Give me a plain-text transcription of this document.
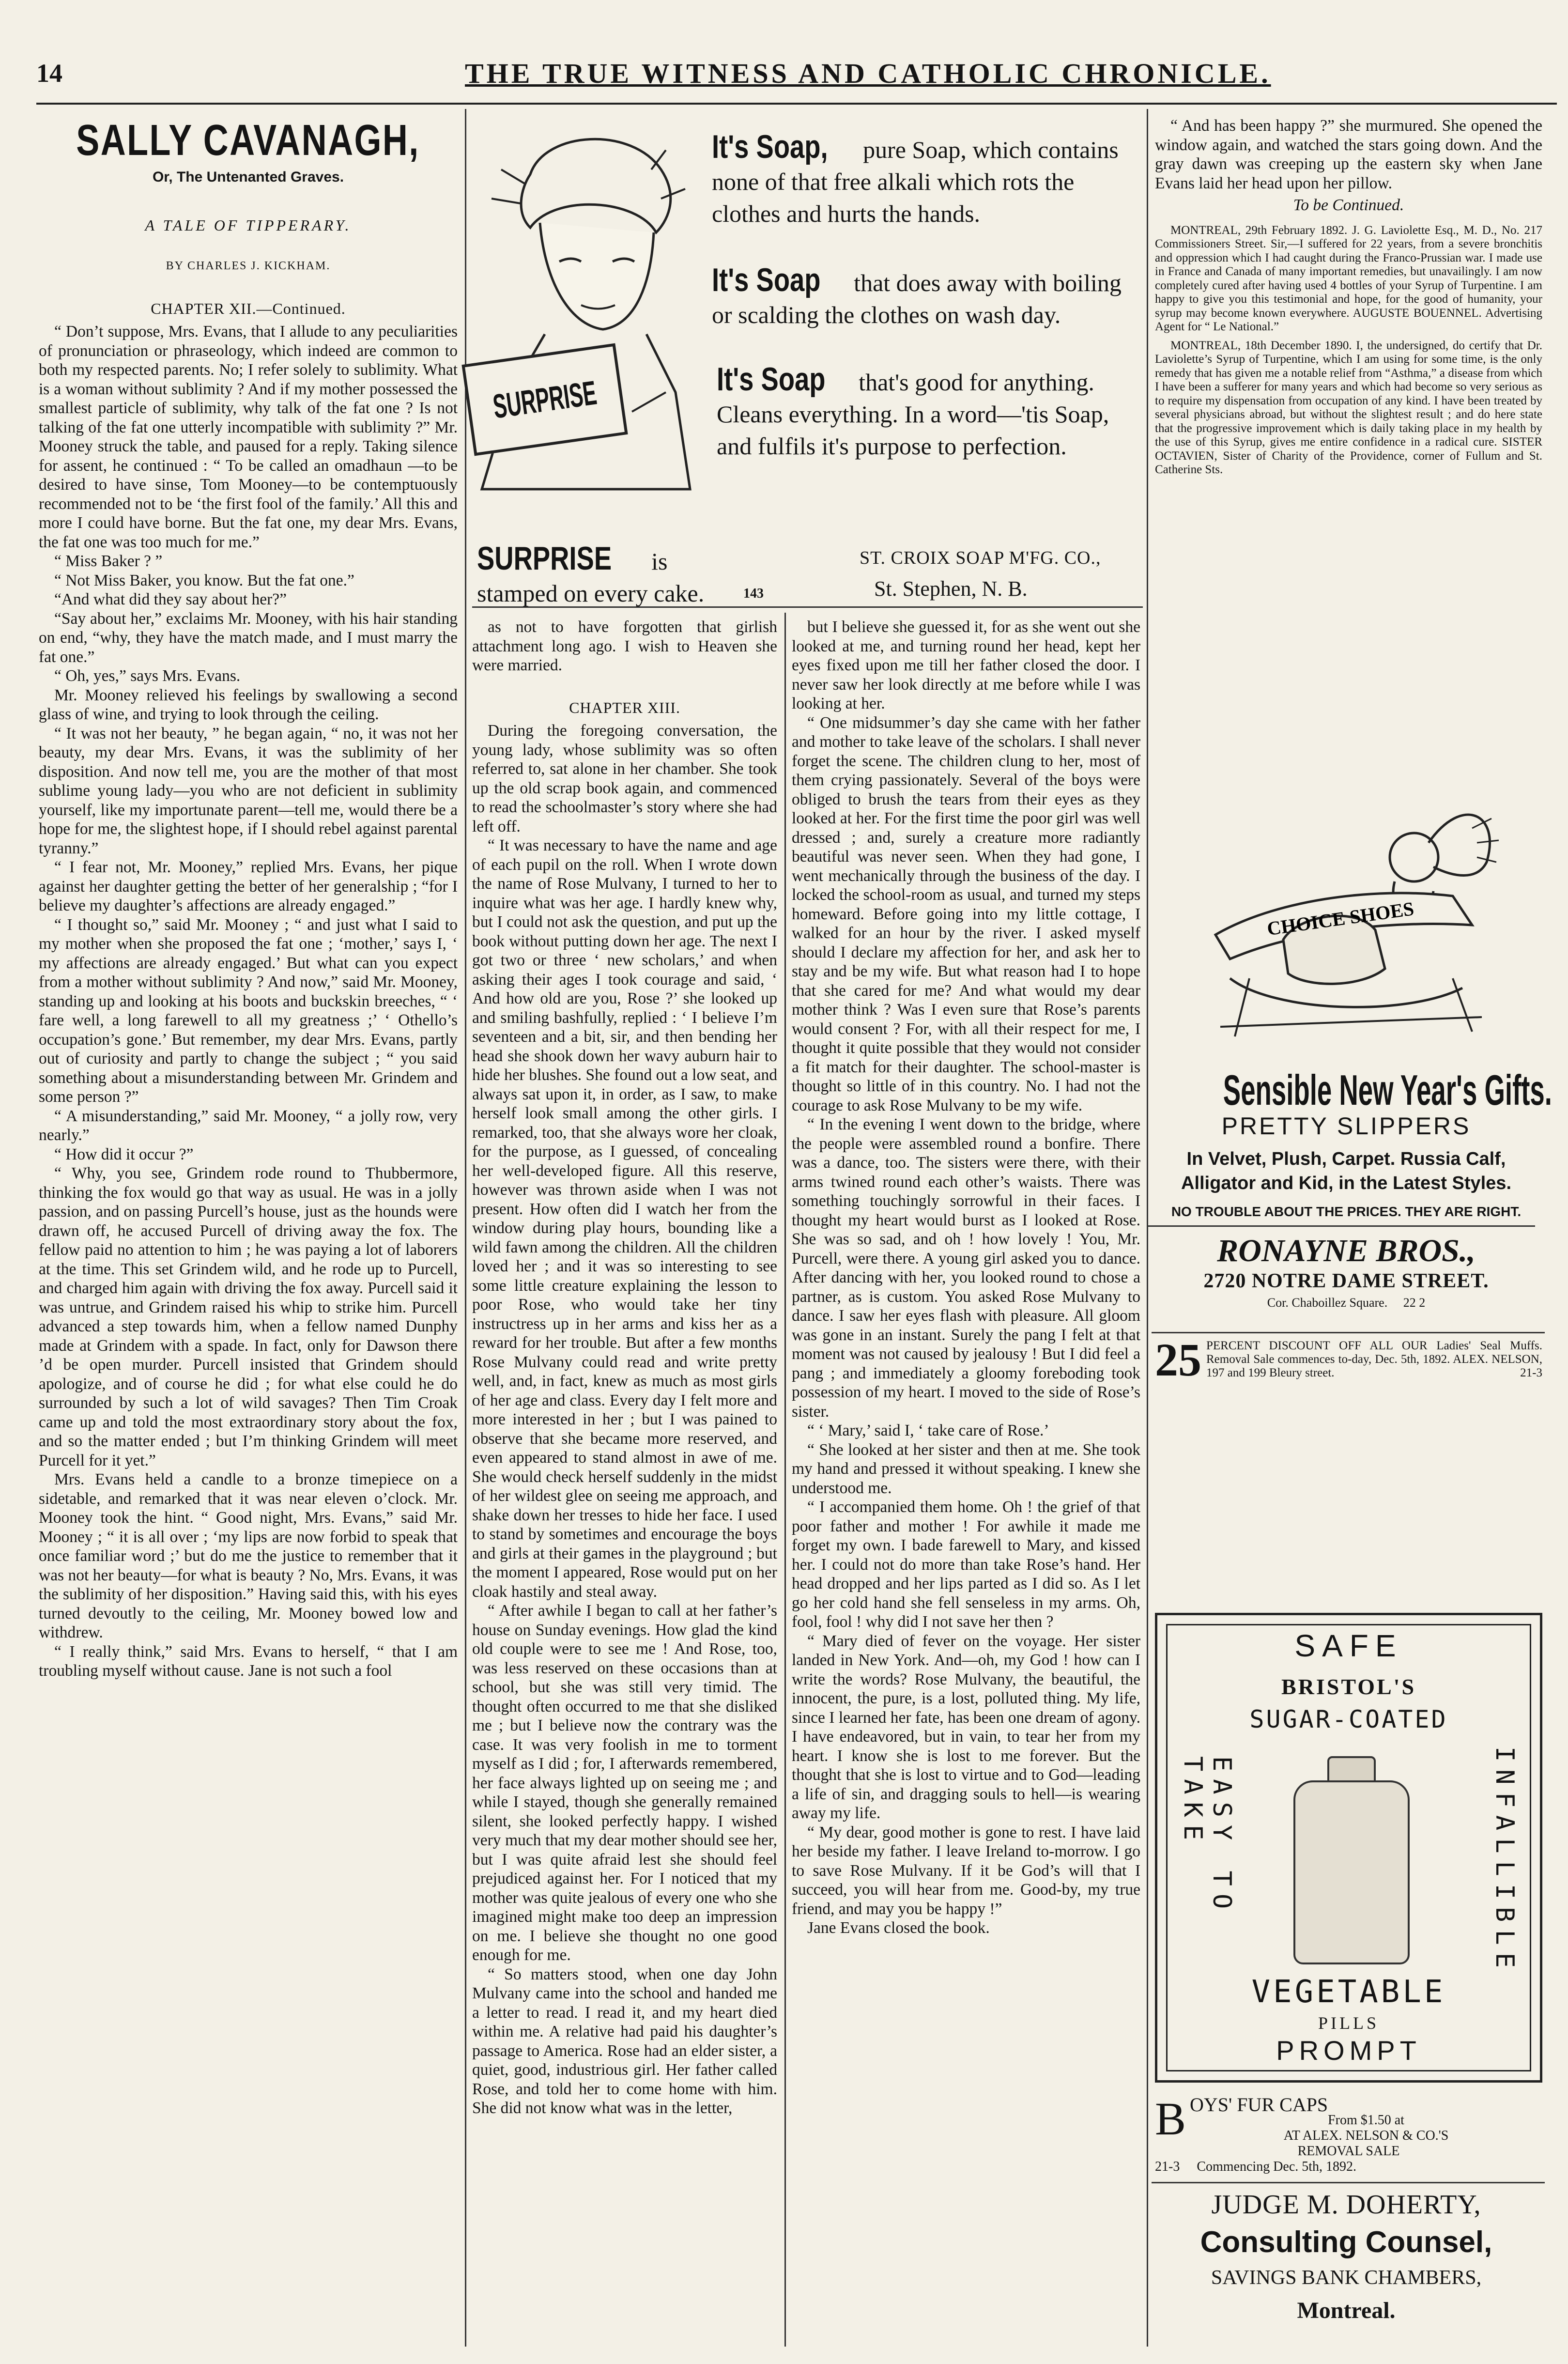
14	THE TRUE WITNESS AND CATHOLIC CHRONICLE.
SALLY CAVANAGH,
Or, The Untenanted Graves.
A TALE OF TIPPERARY.
BY CHARLES J. KICKHAM.
CHAPTER XII.—Continued.

“ Don’t suppose, Mrs. Evans, that I allude to any peculiarities of pronunciation or phraseology, which indeed are common to both my respected parents. No; I refer solely to sublimity. What is a woman without sublimity ? And if my mother possessed the smallest particle of sublimity, why talk of the fat one ? Is not talking of the fat one utterly incompatible with sublimity ?” Mr. Mooney struck the table, and paused for a reply. Taking silence for assent, he continued : “ To be called an omadhaun —to be desired to have sinse, Tom Mooney—to be contemptuously recommended not to be ‘the first fool of the family.’ All this and more I could have borne. But the fat one, my dear Mrs. Evans, the fat one was too much for me.”

“ Miss Baker ? ”

“ Not Miss Baker, you know. But the fat one.”

“And what did they say about her?”

“Say about her,” exclaims Mr. Mooney, with his hair standing on end, “why, they have the match made, and I must marry the fat one.”

“ Oh, yes,” says Mrs. Evans.

Mr. Mooney relieved his feelings by swallowing a second glass of wine, and trying to look through the ceiling.

“ It was not her beauty, ” he began again, “ no, it was not her beauty, my dear Mrs. Evans, it was the sublimity of her disposition. And now tell me, you are the mother of that most sublime young lady—you who are not deficient in sublimity yourself, like my importunate parent—tell me, would there be a hope for me, the slightest hope, if I should rebel against parental tyranny.”

“ I fear not, Mr. Mooney,” replied Mrs. Evans, her pique against her daughter getting the better of her generalship ; “for I believe my daughter’s affections are already engaged.”

“ I thought so,” said Mr. Mooney ; “ and just what I said to my mother when she proposed the fat one ; ‘mother,’ says I, ‘ my affections are already engaged.’ But what can you expect from a mother without sublimity ? And now,” said Mr. Mooney, standing up and looking at his boots and buckskin breeches, “ ‘ fare well, a long farewell to all my greatness ;’ ‘ Othello’s occupation’s gone.’ But remember, my dear Mrs. Evans, partly out of curiosity and partly to change the subject ; “ you said something about a misunderstanding between Mr. Grindem and some person ?”

“ A misunderstanding,” said Mr. Mooney, “ a jolly row, very nearly.”

“ How did it occur ?”

“ Why, you see, Grindem rode round to Thubbermore, thinking the fox would go that way as usual. He was in a jolly passion, and on passing Purcell’s house, just as the hounds were drawn off, he accused Purcell of driving away the fox. The fellow paid no attention to him ; he was paying a lot of laborers at the time. This set Grindem wild, and he rode up to Purcell, and charged him again with driving the fox away. Purcell said it was untrue, and Grindem raised his whip to strike him. Purcell advanced a step towards him, when a fellow named Dunphy made at Grindem with a spade. In fact, only for Dawson there ’d be open murder. Purcell insisted that Grindem should apologize, and of course he did ; for what else could he do surrounded by such a lot of wild savages? Then Tim Croak came up and told the most extraordinary story about the fox, and so the matter ended ; but I’m thinking Grindem will meet Purcell for it yet.”

Mrs. Evans held a candle to a bronze timepiece on a sidetable, and remarked that it was near eleven o’clock. Mr. Mooney took the hint. “ Good night, Mrs. Evans,” said Mr. Mooney ; “ it is all over ; ‘my lips are now forbid to speak that once familiar word ;’ but do me the justice to remember that it was not her beauty—for what is beauty ? No, Mrs. Evans, it was the sublimity of her disposition.” Having said this, with his eyes turned devoutly to the ceiling, Mr. Mooney bowed low and withdrew.

“ I really think,” said Mrs. Evans to herself, “ that I am troubling myself without cause. Jane is not such a fool

SURPRISE
It's Soap, pure Soap, which contains none of that free alkali which rots the clothes and hurts the hands.
It's Soap that does away with boiling or scalding the clothes on wash day.
It's Soap that's good for anything. Cleans everything. In a word—'tis Soap, and fulfils it's purpose to perfection.
SURPRISE is stamped on every cake.	143
ST. CROIX SOAP M'FG. CO.,
St. Stephen, N. B.

as not to have forgotten that girlish attachment long ago. I wish to Heaven she were married.

CHAPTER XIII.

During the foregoing conversation, the young lady, whose sublimity was so often referred to, sat alone in her chamber. She took up the old scrap book again, and commenced to read the schoolmaster’s story where she had left off.

“ It was necessary to have the name and age of each pupil on the roll. When I wrote down the name of Rose Mulvany, I turned to her to inquire what was her age. I hardly knew why, but I could not ask the question, and put up the book without putting down her age. The next I got two or three ‘ new scholars,’ and when asking their ages I took courage and said, ‘ And how old are you, Rose ?’ she looked up and smiling bashfully, replied : ‘ I believe I’m seventeen and a bit, sir, and then bending her head she shook down her wavy auburn hair to hide her blushes. She found out a low seat, and always sat upon it, in order, as I saw, to make herself look small among the other girls. I remarked, too, that she always wore her cloak, for the purpose, as I guessed, of concealing her well-developed figure. All this reserve, however was thrown aside when I was not present. How often did I watch her from the window during play hours, bounding like a wild fawn among the children. All the children loved her ; and it was so interesting to see some little creature explaining the lesson to poor Rose, who would take her tiny instructress up in her arms and kiss her as a reward for her trouble. But after a few months Rose Mulvany could read and write pretty well, and, in fact, knew as much as most girls of her age and class. Every day I felt more and more interested in her ; but I was pained to observe that she became more reserved, and even appeared to stand almost in awe of me. She would check herself suddenly in the midst of her wildest glee on seeing me approach, and shake down her tresses to hide her face. I used to stand by sometimes and encourage the boys and girls at their games in the playground ; but the moment I appeared, Rose would put on her cloak hastily and steal away.

“ After awhile I began to call at her father’s house on Sunday evenings. How glad the kind old couple were to see me ! And Rose, too, was less reserved on these occasions than at school, but she was still very timid. The thought often occurred to me that she disliked me ; but I believe now the contrary was the case. It was very foolish in me to torment myself as I did ; for, I afterwards remembered, her face always lighted up on seeing me ; and while I stayed, though she generally remained silent, she looked perfectly happy. I wished very much that my dear mother should see her, but I was quite afraid lest she should feel prejudiced against her. For I noticed that my mother was quite jealous of every one who she imagined might make too deep an impression on me. I believe she thought no one good enough for me.

“ So matters stood, when one day John Mulvany came into the school and handed me a letter to read. I read it, and my heart died within me. A relative had paid his daughter’s passage to America. Rose had an elder sister, a quiet, good, industrious girl. Her father called Rose, and told her to come home with him. She did not know what was in the letter,

but I believe she guessed it, for as she went out she looked at me, and turning round her head, kept her eyes fixed upon me till her father closed the door. I never saw her look directly at me before while I was looking at her.

“ One midsummer’s day she came with her father and mother to take leave of the scholars. I shall never forget the scene. The children clung to her, most of them crying passionately. Several of the boys were obliged to brush the tears from their eyes as they looked at her. For the first time the poor girl was well dressed ; and, surely a creature more radiantly beautiful was never seen. When they had gone, I went mechanically through the business of the day. I locked the school-room as usual, and turned my steps homeward. Before going into my little cottage, I walked for an hour by the river. I asked myself should I declare my affection for her, and ask her to stay and be my wife. But what reason had I to hope that she cared for me? And what would my dear mother think ? Was I even sure that Rose’s parents would consent ? For, with all their respect for me, I thought it quite possible that they would not consider a fit match for their daughter. The school-master is thought so little of in this country. No. I had not the courage to ask Rose Mulvany to be my wife.

“ In the evening I went down to the bridge, where the people were assembled round a bonfire. There was a dance, too. The sisters were there, with their arms twined round each other’s waists. There was something touchingly sorrowful in their faces. I thought my heart would burst as I looked at Rose. She was so sad, and oh ! how lovely ! You, Mr. Purcell, were there. A young girl asked you to dance. After dancing with her, you looked round to chose a partner, as is custom. You asked Rose Mulvany to dance. I saw her eyes flash with pleasure. All gloom was gone in an instant. Surely the pang I felt at that moment was not caused by jealousy ! But I did feel a pang ; and immediately a gloomy foreboding took possession of my heart. I moved to the side of Rose’s sister.

“ ‘ Mary,’ said I, ‘ take care of Rose.’

“ She looked at her sister and then at me. She took my hand and pressed it without speaking. I knew she understood me.

“ I accompanied them home. Oh ! the grief of that poor father and mother ! For awhile it made me forget my own. I bade farewell to Mary, and kissed her. I could not do more than take Rose’s hand. Her head dropped and her lips parted as I did so. As I let go her cold hand she fell senseless in my arms. Oh, fool, fool ! why did I not save her then ?

“ Mary died of fever on the voyage. Her sister landed in New York. And—oh, my God ! how can I write the words? Rose Mulvany, the beautiful, the innocent, the pure, is a lost, polluted thing. My life, since I learned her fate, has been one dream of agony. I have endeavored, but in vain, to tear her from my heart. I know she is lost to me forever. But the thought that she is lost to virtue and to God—leading a life of sin, and dragging souls to hell—is wearing away my life.

“ My dear, good mother is gone to rest. I have laid her beside my father. I leave Ireland to-morrow. I go to save Rose Mulvany. If it be God’s will that I succeed, you will hear from me. Good-by, my true friend, and may you be happy !”

Jane Evans closed the book.

“ And has been happy ?” she murmured. She opened the window again, and watched the stars going down. And the gray dawn was creeping up the eastern sky when Jane Evans laid her head upon her pillow.

To be Continued.

MONTREAL, 29th February 1892. J. G. Laviolette Esq., M. D., No. 217 Commissioners Street. Sir,—I suffered for 22 years, from a severe bronchitis and oppression which I had caught during the Franco-Prussian war. I made use in France and Canada of many important remedies, but unavailingly. I am now completely cured after having used 4 bottles of your Syrup of Turpentine. I am happy to give you this testimonial and hope, for the good of humanity, your syrup may become known everywhere. AUGUSTE BOUENNEL. Advertising Agent for “ Le National.”

MONTREAL, 18th December 1890. I, the undersigned, do certify that Dr. Laviolette’s Syrup of Turpentine, which I am using for some time, is the only remedy that has given me a notable relief from “Asthma,” a disease from which I have been a sufferer for many years and which had become so very serious as to require my dispensation from occupation of any kind. I have been treated by several physicians abroad, but without the slightest result ; and do here state that the progressive improvement which is daily taking place in my health by the use of this Syrup, gives me entire confidence in a radical cure. SISTER OCTAVIEN, Sister of Charity of the Providence, corner of Fullum and St. Catherine Sts.

CHOICE SHOES
Sensible New Year's Gifts.
PRETTY SLIPPERS
In Velvet, Plush, Carpet. Russia Calf, Alligator and Kid, in the Latest Styles.
NO TROUBLE ABOUT THE PRICES. THEY ARE RIGHT.
RONAYNE BROS.,
2720 NOTRE DAME STREET.
Cor. Chaboillez Square. 22 2
25 PERCENT DISCOUNT OFF ALL OUR Ladies' Seal Muffs. Removal Sale commences to-day, Dec. 5th, 1892. ALEX. NELSON, 197 and 199 Bleury street.	21-3
SAFE
BRISTOL'S
SUGAR-COATED
EASY TO TAKE	INFALLIBLE
VEGETABLE
PILLS
PROMPT
B OYS' FUR CAPS
From $1.50 at
AT ALEX. NELSON & CO.'S
REMOVAL SALE
21-3 Commencing Dec. 5th, 1892.
JUDGE M. DOHERTY,
Consulting Counsel,
SAVINGS BANK CHAMBERS,
Montreal.
